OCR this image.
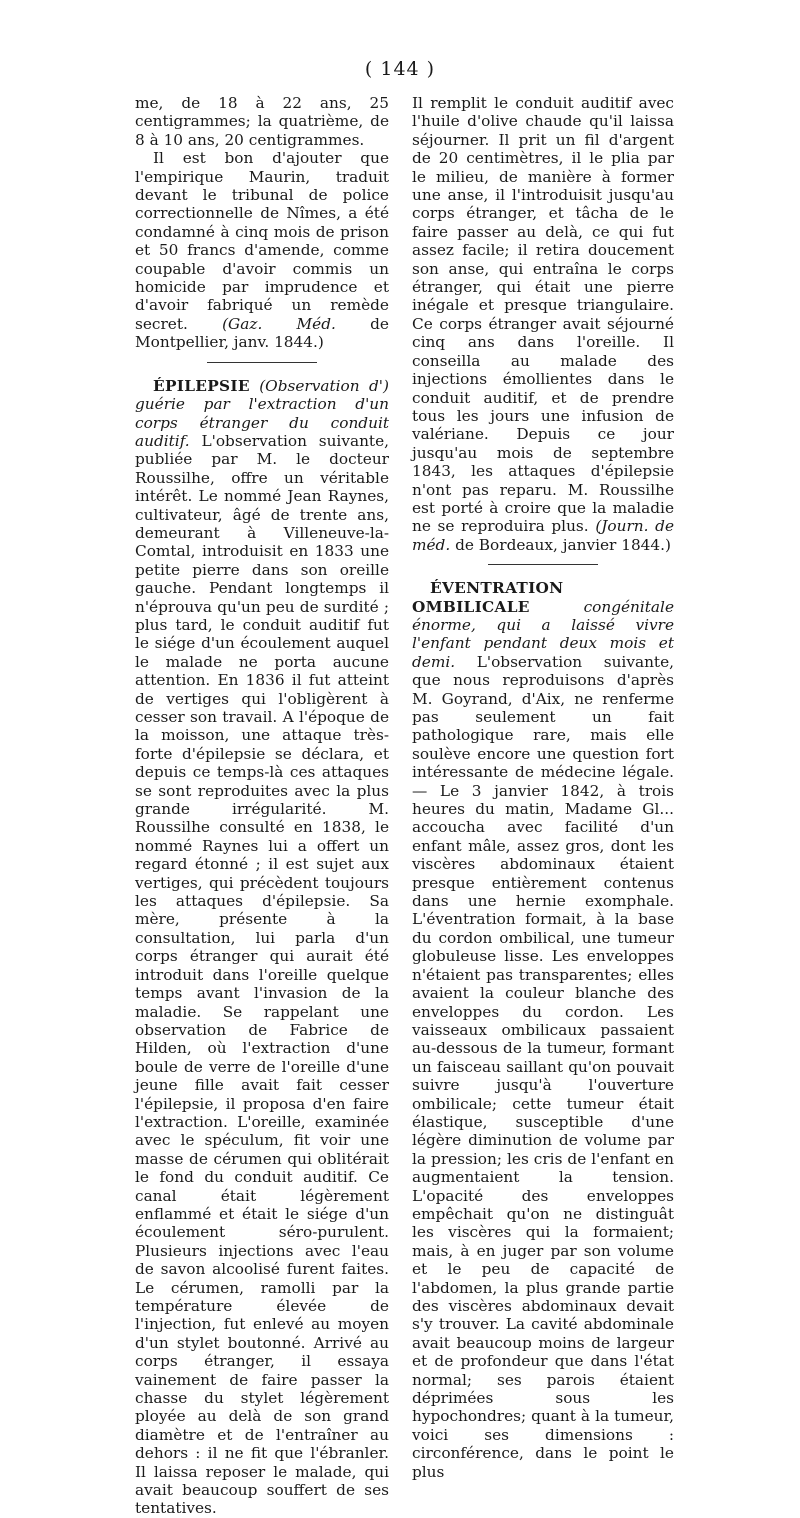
( 144 )

me, de 18 à 22 ans, 25 centigrammes; la quatrième, de 8 à 10 ans, 20 centigrammes.

Il est bon d'ajouter que l'empirique Maurin, traduit devant le tribunal de police correctionnelle de Nîmes, a été condamné à cinq mois de prison et 50 francs d'amende, comme coupable d'avoir commis un homicide par imprudence et d'avoir fabriqué un remède secret. (Gaz. Méd. de Montpellier, janv. 1844.)

ÉPILEPSIE (Observation d') guérie par l'extraction d'un corps étranger du conduit auditif. L'observation suivante, publiée par M. le docteur Roussilhe, offre un véritable intérêt. Le nommé Jean Raynes, cultivateur, âgé de trente ans, demeurant à Villeneuve-la-Comtal, introduisit en 1833 une petite pierre dans son oreille gauche. Pendant longtemps il n'éprouva qu'un peu de surdité ; plus tard, le conduit auditif fut le siége d'un écoulement auquel le malade ne porta aucune attention. En 1836 il fut atteint de vertiges qui l'obligèrent à cesser son travail. A l'époque de la moisson, une attaque très-forte d'épilepsie se déclara, et depuis ce temps-là ces attaques se sont reproduites avec la plus grande irrégularité. M. Roussilhe consulté en 1838, le nommé Raynes lui a offert un regard étonné ; il est sujet aux vertiges, qui précèdent toujours les attaques d'épilepsie. Sa mère, présente à la consultation, lui parla d'un corps étranger qui aurait été introduit dans l'oreille quelque temps avant l'invasion de la maladie. Se rappelant une observation de Fabrice de Hilden, où l'extraction d'une boule de verre de l'oreille d'une jeune fille avait fait cesser l'épilepsie, il proposa d'en faire l'extraction. L'oreille, examinée avec le spéculum, fit voir une masse de cérumen qui oblitérait le fond du conduit auditif. Ce canal était légèrement enflammé et était le siége d'un écoulement séro-purulent. Plusieurs injections avec l'eau de savon alcoolisé furent faites. Le cérumen, ramolli par la température élevée de l'injection, fut enlevé au moyen d'un stylet boutonné. Arrivé au corps étranger, il essaya vainement de faire passer la chasse du stylet légèrement ployée au delà de son grand diamètre et de l'entraîner au dehors : il ne fit que l'ébranler. Il laissa reposer le malade, qui avait beaucoup souffert de ses tentatives.

Il remplit le conduit auditif avec l'huile d'olive chaude qu'il laissa séjourner. Il prit un fil d'argent de 20 centimètres, il le plia par le milieu, de manière à former une anse, il l'introduisit jusqu'au corps étranger, et tâcha de le faire passer au delà, ce qui fut assez facile; il retira doucement son anse, qui entraîna le corps étranger, qui était une pierre inégale et presque triangulaire. Ce corps étranger avait séjourné cinq ans dans l'oreille. Il conseilla au malade des injections émollientes dans le conduit auditif, et de prendre tous les jours une infusion de valériane. Depuis ce jour jusqu'au mois de septembre 1843, les attaques d'épilepsie n'ont pas reparu. M. Roussilhe est porté à croire que la maladie ne se reproduira plus. (Journ. de méd. de Bordeaux, janvier 1844.)

ÉVENTRATION OMBILICALE	congénitale énorme, qui a laissé vivre l'enfant pendant deux mois et demi. L'observation suivante, que nous reproduisons d'après M. Goyrand, d'Aix, ne renferme pas seulement un fait pathologique rare, mais elle soulève encore une question fort intéressante de médecine légale. — Le 3 janvier 1842, à trois heures du matin, Madame Gl... accoucha avec facilité d'un enfant mâle, assez gros, dont les viscères abdominaux étaient presque entièrement contenus dans une hernie exomphale. L'éventration formait, à la base du cordon ombilical, une tumeur globuleuse lisse. Les enveloppes n'étaient pas transparentes; elles avaient la couleur blanche des enveloppes du cordon. Les vaisseaux ombilicaux passaient au-dessous de la tumeur, formant un faisceau saillant qu'on pouvait suivre jusqu'à l'ouverture ombilicale; cette tumeur était élastique, susceptible d'une légère diminution de volume par la pression; les cris de l'enfant en augmentaient la tension. L'opacité des enveloppes empêchait qu'on ne distinguât les viscères qui la formaient; mais, à en juger par son volume et le peu de capacité de l'abdomen, la plus grande partie des viscères abdominaux devait s'y trouver. La cavité abdominale avait beaucoup moins de largeur et de profondeur que dans l'état normal; ses parois étaient déprimées sous les hypochondres; quant à la tumeur, voici ses dimensions : circonférence, dans le point le plus
